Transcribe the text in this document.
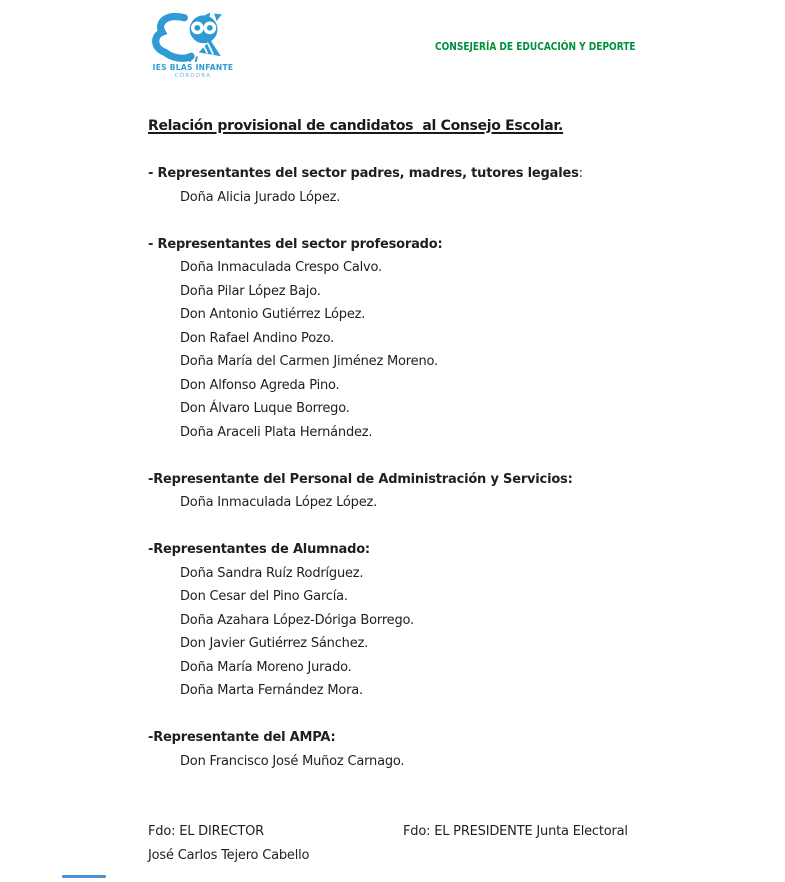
IES BLAS INFANTE
CÓRDOBA
CONSEJERÍA DE EDUCACIÓN Y DEPORTE
Relación provisional de candidatos  al Consejo Escolar.
- Representantes del sector padres, madres, tutores legales:
Doña Alicia Jurado López.
- Representantes del sector profesorado:
Doña Inmaculada Crespo Calvo.
Doña Pilar López Bajo.
Don Antonio Gutiérrez López.
Don Rafael Andino Pozo.
Doña María del Carmen Jiménez Moreno.
Don Alfonso Agreda Pino.
Don Álvaro Luque Borrego.
Doña Araceli Plata Hernández.
-Representante del Personal de Administración y Servicios:
Doña Inmaculada López López.
-Representantes de Alumnado:
Doña Sandra Ruíz Rodríguez.
Don Cesar del Pino García.
Doña Azahara López-Dóriga Borrego.
Don Javier Gutiérrez Sánchez.
Doña María Moreno Jurado.
Doña Marta Fernández Mora.
-Representante del AMPA:
Don Francisco José Muñoz Carnago.
Fdo: EL DIRECTOR	Fdo: EL PRESIDENTE Junta Electoral
José Carlos Tejero Cabello
